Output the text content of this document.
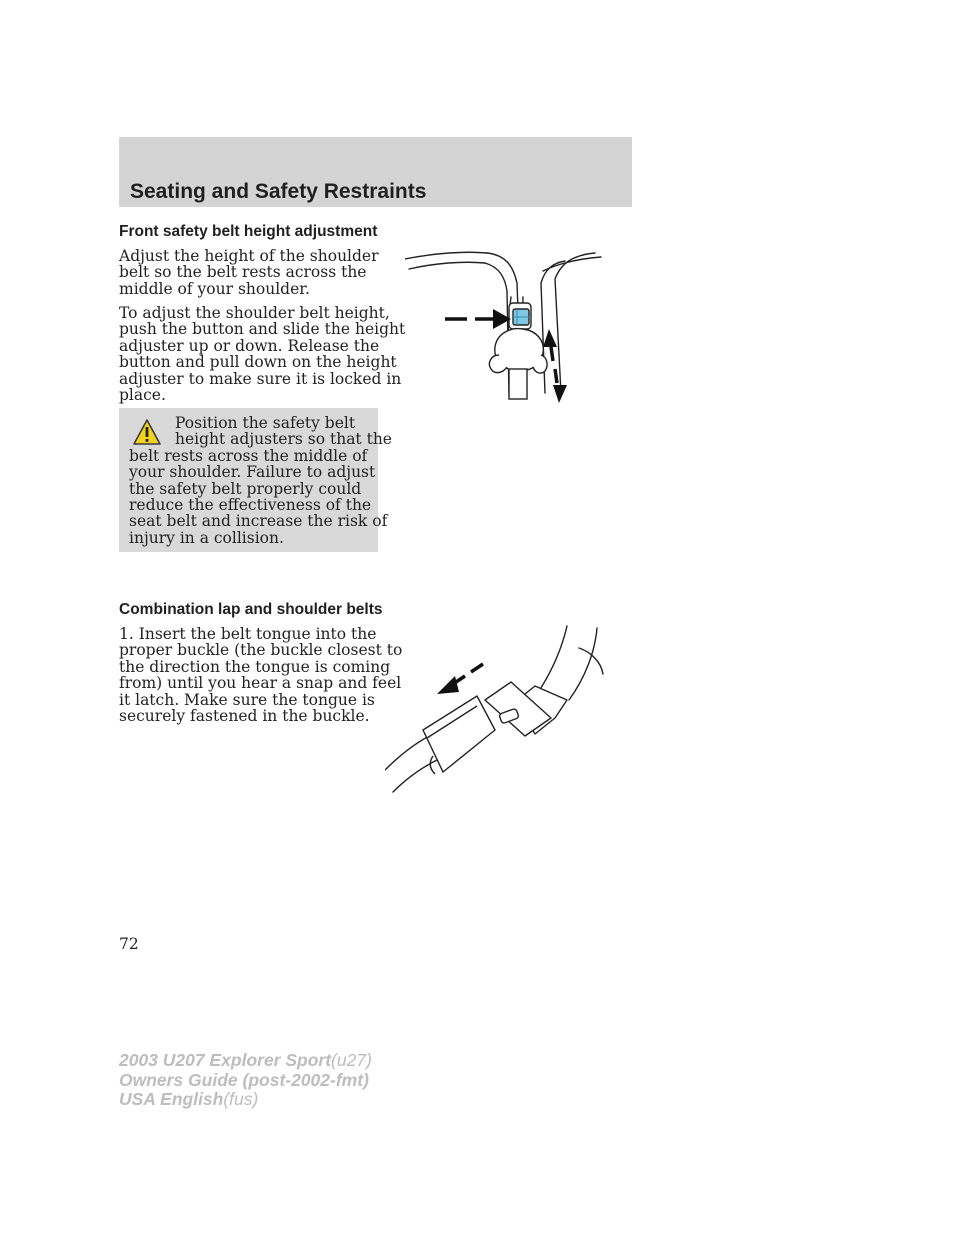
Seating and Safety Restraints
Front safety belt height adjustment

Adjust the height of the shoulder
belt so the belt rests across the
middle of your shoulder.

To adjust the shoulder belt height,
push the button and slide the height
adjuster up or down. Release the
button and pull down on the height
adjuster to make sure it is locked in
place.

Position the safety belt
height adjusters so that the
belt rests across the middle of
your shoulder. Failure to adjust
the safety belt properly could
reduce the effectiveness of the
seat belt and increase the risk of
injury in a collision.

Combination lap and shoulder belts

1. Insert the belt tongue into the
proper buckle (the buckle closest to
the direction the tongue is coming
from) until you hear a snap and feel
it latch. Make sure the tongue is
securely fastened in the buckle.

72

2003 U207 Explorer Sport(u27)
Owners Guide (post-2002-fmt)
USA English(fus)
